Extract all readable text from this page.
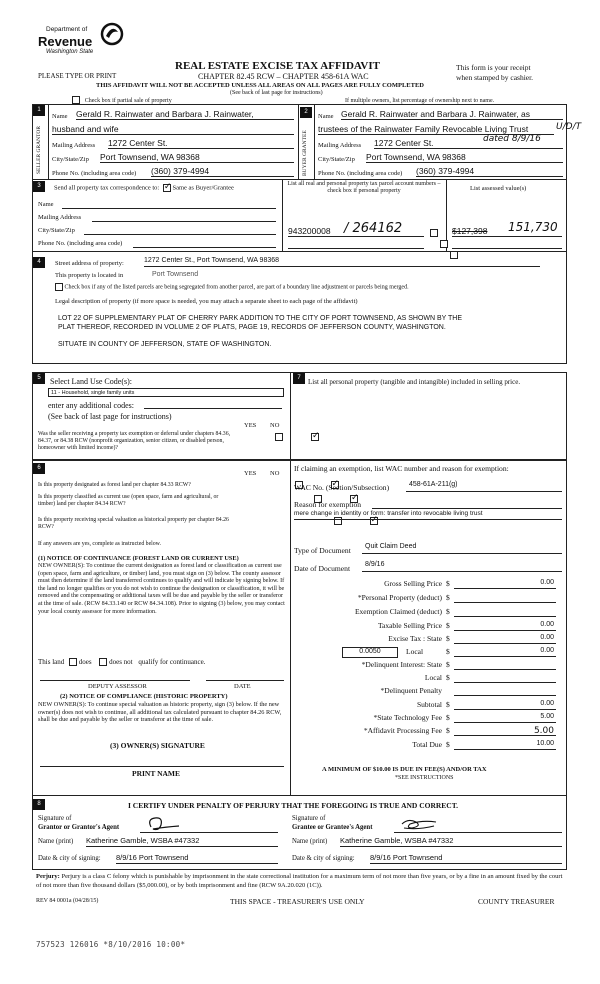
Department of
Revenue
Washington State
REAL ESTATE EXCISE TAX AFFIDAVIT
CHAPTER 82.45 RCW – CHAPTER 458-61A WAC
PLEASE TYPE OR PRINT
THIS AFFIDAVIT WILL NOT BE ACCEPTED UNLESS ALL AREAS ON ALL PAGES ARE FULLY COMPLETED
(See back of last page for instructions)
This form is your receipt
when stamped by cashier.
Check box if partial sale of property	If multiple owners, list percentage of ownership next to name.
1
SELLER GRANTOR
Name Gerald R. Rainwater and Barbara J. Rainwater,
husband and wife
Mailing Address 1272 Center St.
City/State/Zip Port Townsend, WA 98368
Phone No. (including area code) (360) 379-4994
2
BUYER GRANTEE
Name Gerald R. Rainwater and Barbara J. Rainwater, as
trustees of the Rainwater Family Revocable Living Trust	U/D/T
Mailing Address 1272 Center St.	dated 8/9/16
City/State/Zip Port Townsend, WA 98368
Phone No. (including area code) (360) 379-4994
3	Send all property tax correspondence to: ✓ Same as Buyer/Grantee
Name
Mailing Address
City/State/Zip
Phone No. (including area code)
List all real and personal property tax parcel account numbers – check box if personal property	List assessed value(s)
943200008	/ 264162
	$127,398	151,730

4	Street address of property:	1272 Center St., Port Townsend, WA 98368
This property is located in	Port Townsend
Check box if any of the listed parcels are being segregated from another parcel, are part of a boundary line adjustment or parcels being merged.
Legal description of property (if more space is needed, you may attach a separate sheet to each page of the affidavit)
LOT 22 OF SUPPLEMENTARY PLAT OF CHERRY PARK ADDITION TO THE CITY OF PORT TOWNSEND, AS SHOWN BY THE
PLAT THEREOF, RECORDED IN VOLUME 2 OF PLATS, PAGE 19, RECORDS OF JEFFERSON COUNTY, WASHINGTON.
SITUATE IN COUNTY OF JEFFERSON, STATE OF WASHINGTON.
5	Select Land Use Code(s):
11 - Household, single family units
enter any additional codes:
(See back of last page for instructions)
YES NO
Was the seller receiving a property tax exemption or deferral under chapters 84.36, 84.37, or 84.38 RCW (nonprofit organization, senior citizen, or disabled person, homeowner with limited income)?
✓
7	List all personal property (tangible and intangible) included in selling price.
6
YES NO
Is this property designated as forest land per chapter 84.33 RCW?
✓
Is this property classified as current use (open space, farm and agricultural, or timber) land per chapter 84.34 RCW?
✓
Is this property receiving special valuation as historical property per chapter 84.26 RCW?
✓
If any answers are yes, complete as instructed below.
(1) NOTICE OF CONTINUANCE (FOREST LAND OR CURRENT USE)
NEW OWNER(S): To continue the current designation as forest land or classification as current use (open space, farm and agriculture, or timber) land, you must sign on (3) below. The county assessor must then determine if the land transferred continues to qualify and will indicate by signing below. If the land no longer qualifies or you do not wish to continue the designation or classification, it will be removed and the compensating or additional taxes will be due and payable by the seller or transferor at the time of sale. (RCW 84.33.140 or RCW 84.34.108). Prior to signing (3) below, you may contact your local county assessor for more information.
This land does	does not qualify for continuance.
DEPUTY ASSESSOR	DATE
(2) NOTICE OF COMPLIANCE (HISTORIC PROPERTY)
NEW OWNER(S): To continue special valuation as historic property, sign (3) below. If the new owner(s) does not wish to continue, all additional tax calculated pursuant to chapter 84.26 RCW, shall be due and payable by the seller or transferor at the time of sale.
(3) OWNER(S) SIGNATURE
PRINT NAME
If claiming an exemption, list WAC number and reason for exemption:
WAC No. (Section/Subsection)	458-61A-211(g)
Reason for exemption
mere change in identity or form: transfer into revocable living trust
Type of Document	Quit Claim Deed
Date of Document	8/9/16
Gross Selling Price $	0.00
*Personal Property (deduct) $
Exemption Claimed (deduct) $
Taxable Selling Price $	0.00
Excise Tax : State $	0.00
0.0050	Local	$	0.00
*Delinquent Interest: State $
Local $
*Delinquent Penalty
Subtotal $	0.00
*State Technology Fee $	5.00
*Affidavit Processing Fee $	5.00
Total Due $	10.00
A MINIMUM OF $10.00 IS DUE IN FEE(S) AND/OR TAX
*SEE INSTRUCTIONS
8	I CERTIFY UNDER PENALTY OF PERJURY THAT THE FOREGOING IS TRUE AND CORRECT.
Signature of
Grantor or Grantor's Agent
Name (print) Katherine Gamble, WSBA #47332
Date & city of signing: 8/9/16 Port Townsend
Signature of
Grantee or Grantee's Agent
Name (print) Katherine Gamble, WSBA #47332
Date & city of signing: 8/9/16 Port Townsend
Perjury: Perjury is a class C felony which is punishable by imprisonment in the state correctional institution for a maximum term of not more than five years, or by a fine in an amount fixed by the court of not more than five thousand dollars ($5,000.00), or by both imprisonment and fine (RCW 9A.20.020 (1C)).
REV 84 0001a (04/28/15)	THIS SPACE - TREASURER'S USE ONLY	COUNTY TREASURER
757523 126016 *8/10/2016 10:00*
